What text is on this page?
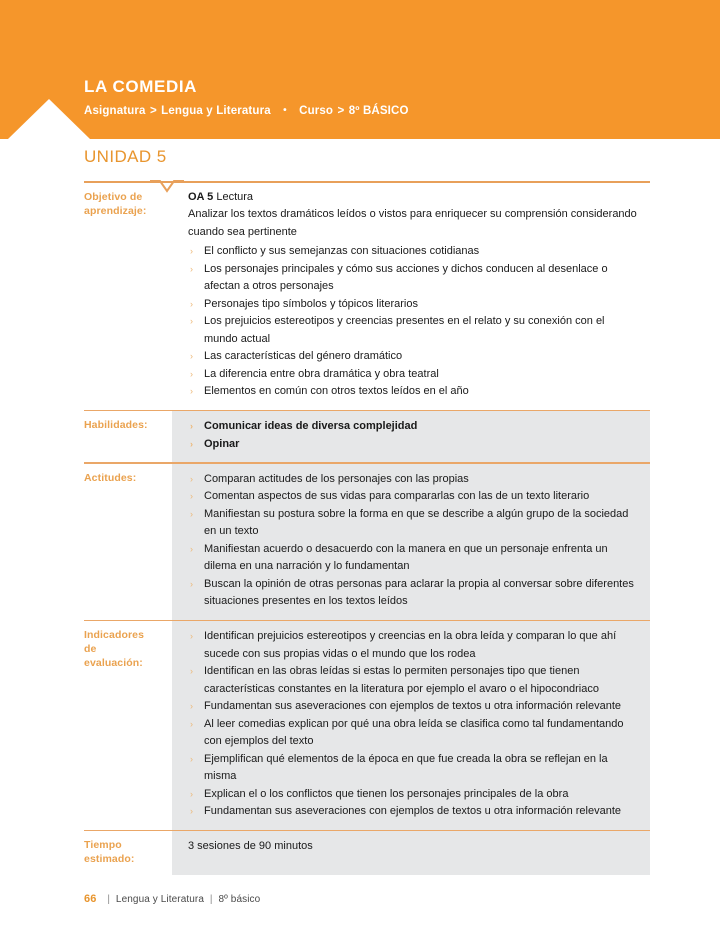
LA COMEDIA
Asignatura > Lengua y Literatura • Curso > 8º BÁSICO
UNIDAD 5
Objetivo de
aprendizaje:
OA 5 Lectura
Analizar los textos dramáticos leídos o vistos para enriquecer su comprensión considerando cuando sea pertinente
› El conflicto y sus semejanzas con situaciones cotidianas
› Los personajes principales y cómo sus acciones y dichos conducen al desenlace o afectan a otros personajes
› Personajes tipo símbolos y tópicos literarios
› Los prejuicios estereotipos y creencias presentes en el relato y su conexión con el mundo actual
› Las características del género dramático
› La diferencia entre obra dramática y obra teatral
› Elementos en común con otros textos leídos en el año
Habilidades:	› Comunicar ideas de diversa complejidad
› Opinar
Actitudes:	› Comparan actitudes de los personajes con las propias
› Comentan aspectos de sus vidas para compararlas con las de un texto literario
› Manifiestan su postura sobre la forma en que se describe a algún grupo de la sociedad en un texto
› Manifiestan acuerdo o desacuerdo con la manera en que un personaje enfrenta un dilema en una narración y lo fundamentan
› Buscan la opinión de otras personas para aclarar la propia al conversar sobre diferentes situaciones presentes en los textos leídos
Indicadores
de
evaluación:
› Identifican prejuicios estereotipos y creencias en la obra leída y comparan lo que ahí sucede con sus propias vidas o el mundo que los rodea
› Identifican en las obras leídas si estas lo permiten personajes tipo que tienen características constantes en la literatura por ejemplo el avaro o el hipocondriaco
› Fundamentan sus aseveraciones con ejemplos de textos u otra información relevante
› Al leer comedias explican por qué una obra leída se clasifica como tal fundamentando con ejemplos del texto
› Ejemplifican qué elementos de la época en que fue creada la obra se reflejan en la misma
› Explican el o los conflictos que tienen los personajes principales de la obra
› Fundamentan sus aseveraciones con ejemplos de textos u otra información relevante
Tiempo
estimado:
3 sesiones de 90 minutos
66 | Lengua y Literatura | 8º básico
